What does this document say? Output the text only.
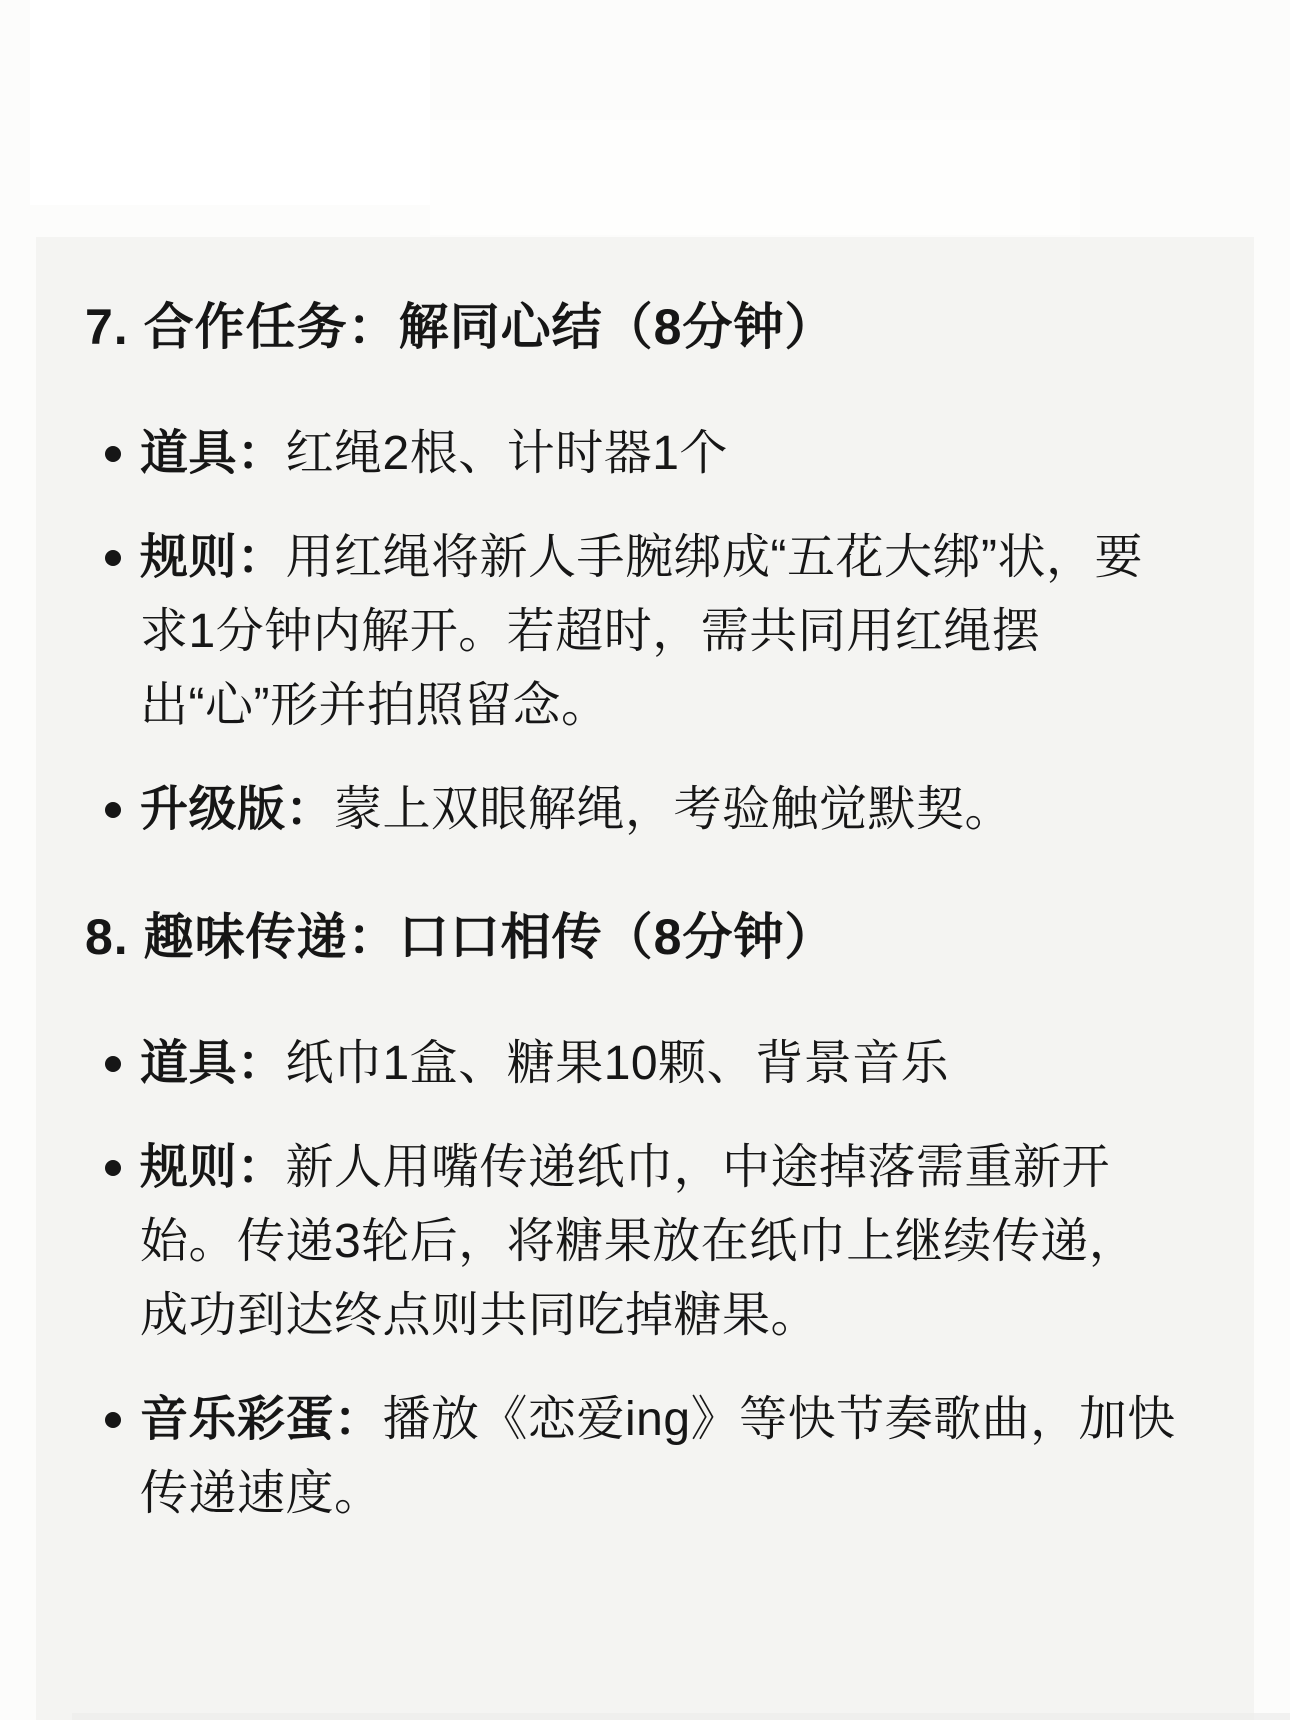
7. 合作任务：解同心结（8分钟）
道具：红绳2根、计时器1个
规则：用红绳将新人手腕绑成“五花大绑”状，要求1分钟内解开。若超时，需共同用红绳摆出“心”形并拍照留念。
升级版：蒙上双眼解绳，考验触觉默契。
8. 趣味传递：口口相传（8分钟）
道具：纸巾1盒、糖果10颗、背景音乐
规则：新人用嘴传递纸巾，中途掉落需重新开始。传递3轮后，将糖果放在纸巾上继续传递，成功到达终点则共同吃掉糖果。
音乐彩蛋：播放《恋爱ing》等快节奏歌曲，加快传递速度。
